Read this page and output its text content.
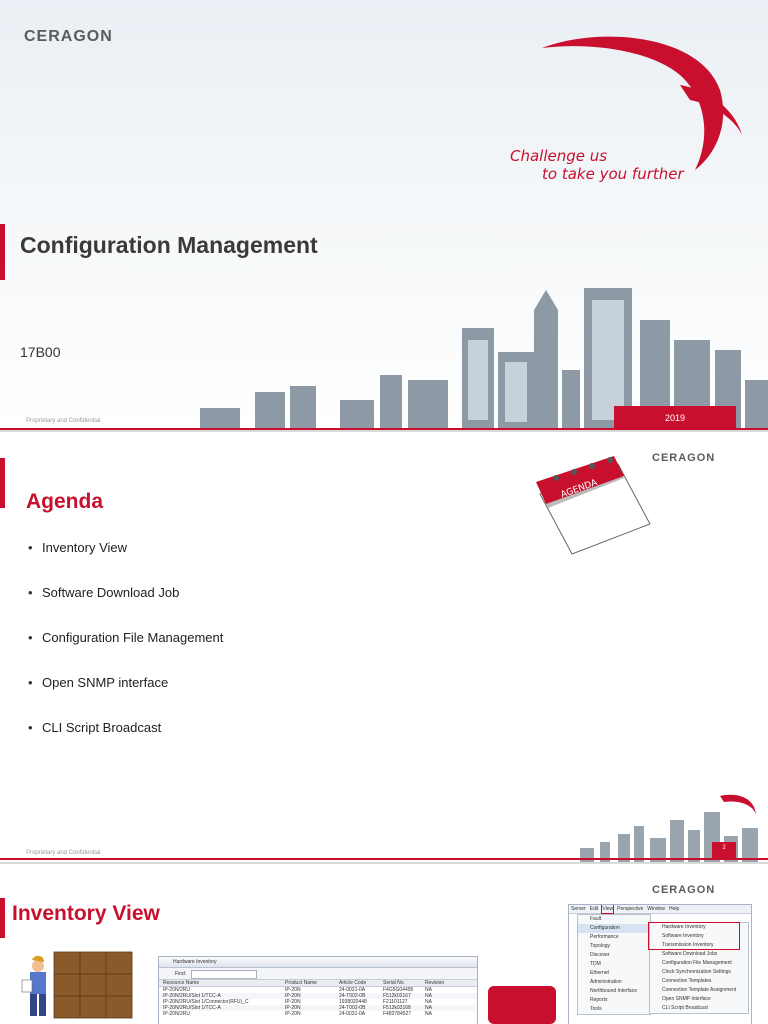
CERAGON
Challenge us
to take you further
Configuration Management
17B00
2019
Proprietary and Confidential
CERAGON
Agenda
AGENDA
• Inventory View
• Software Download Job
• Configuration File Management
• Open SNMP interface
• CLI Script Broadcast
2
Proprietary and Confidential
CERAGON
Inventory View
Hardware Inventory
Find:
Resource Name	Product Name	Article Code	Serial No.	Revision
IP-20N/2RU	IP-20N	24-0031-0A	F4G5G04495	NA
IP-20N/2RU/Slot 1/TCC-A	IP-20N	24-T002-0B	F512k03167	NA
IP-20N/2RU/Slot 1/Connector(RFU)_C	IP-20N	1938020448	F21101127	NA
IP-20N/2RU/Slot 1/TCC-A	IP-20N	24-T002-0B	F512k03168	NA
IP-20N/2RU	IP-20N	24-0031-0A	F482784527	NA
Server Edit View Perspective Window Help
Fault
Configuration
Performance
Topology
Discover
TDM
Ethernet
Administration
Northbound Interface
Reports
Tools
Hardware Inventory
Software Inventory
Transmission Inventory
Software Download Jobs
Configuration File Management
Clock Synchronization Settings
Connection Templates
Connection Template Assignment
Open SNMP Interface
CLI Script Broadcast
